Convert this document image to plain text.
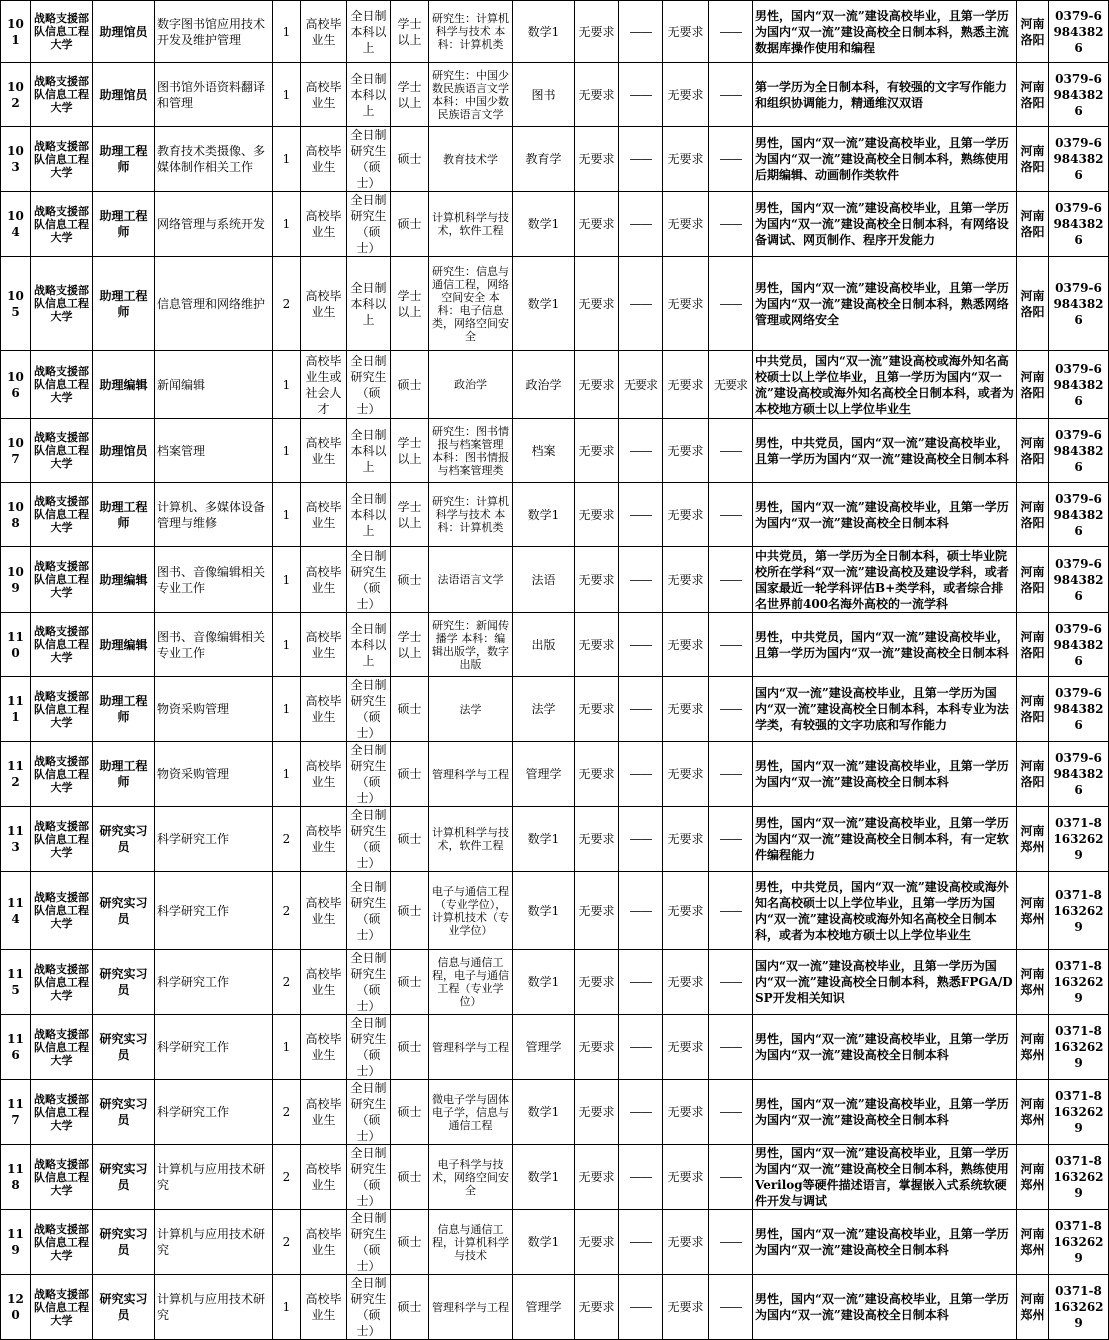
101	战略支援部队信息工程大学	助理馆员	数字图书馆应用技术开发及维护管理	1	高校毕业生	全日制本科以上	学士以上	研究生：计算机科学与技术 本科：计算机类	数学1	无要求	——	无要求	——	男性，国内“双一流”建设高校毕业，且第一学历为国内“双一流”建设高校全日制本科，熟悉主流数据库操作使用和编程	河南洛阳	0379-69843826
102	战略支援部队信息工程大学	助理馆员	图书馆外语资料翻译和管理	1	高校毕业生	全日制本科以上	学士以上	研究生：中国少数民族语言文学 本科：中国少数民族语言文学	图书	无要求	——	无要求	——	第一学历为全日制本科，有较强的文字写作能力和组织协调能力，精通维汉双语	河南洛阳	0379-69843826
103	战略支援部队信息工程大学	助理工程师	教育技术类摄像、多媒体制作相关工作	1	高校毕业生	全日制研究生（硕士）	硕士	教育技术学	教育学	无要求	——	无要求	——	男性，国内“双一流”建设高校毕业，且第一学历为国内“双一流”建设高校全日制本科，熟练使用后期编辑、动画制作类软件	河南洛阳	0379-69843826
104	战略支援部队信息工程大学	助理工程师	网络管理与系统开发	1	高校毕业生	全日制研究生（硕士）	硕士	计算机科学与技术，软件工程	数学1	无要求	——	无要求	——	男性，国内“双一流”建设高校毕业，且第一学历为国内“双一流”建设高校全日制本科，有网络设备调试、网页制作、程序开发能力	河南洛阳	0379-69843826
105	战略支援部队信息工程大学	助理工程师	信息管理和网络维护	2	高校毕业生	全日制本科以上	学士以上	研究生：信息与通信工程，网络空间安全 本科：电子信息类，网络空间安全	数学1	无要求	——	无要求	——	男性，国内“双一流”建设高校毕业，且第一学历为国内“双一流”建设高校全日制本科，熟悉网络管理或网络安全	河南洛阳	0379-69843826
106	战略支援部队信息工程大学	助理编辑	新闻编辑	1	高校毕业生或社会人才	全日制研究生（硕士）	硕士	政治学	政治学	无要求	无要求	无要求	无要求	中共党员，国内“双一流”建设高校或海外知名高校硕士以上学位毕业，且第一学历为国内“双一流”建设高校或海外知名高校全日制本科，或者为本校地方硕士以上学位毕业生	河南洛阳	0379-69843826
107	战略支援部队信息工程大学	助理馆员	档案管理	1	高校毕业生	全日制本科以上	学士以上	研究生：图书情报与档案管理 本科：图书情报与档案管理类	档案	无要求	——	无要求	——	男性，中共党员，国内“双一流”建设高校毕业，且第一学历为国内“双一流”建设高校全日制本科	河南洛阳	0379-69843826
108	战略支援部队信息工程大学	助理工程师	计算机、多媒体设备管理与维修	1	高校毕业生	全日制本科以上	学士以上	研究生：计算机科学与技术 本科：计算机类	数学1	无要求	——	无要求	——	男性，国内“双一流”建设高校毕业，且第一学历为国内“双一流”建设高校全日制本科	河南洛阳	0379-69843826
109	战略支援部队信息工程大学	助理编辑	图书、音像编辑相关专业工作	1	高校毕业生	全日制研究生（硕士）	硕士	法语语言文学	法语	无要求	——	无要求	——	中共党员，第一学历为全日制本科，硕士毕业院校所在学科“双一流”建设高校及建设学科，或者国家最近一轮学科评估B+类学科，或者综合排名世界前400名海外高校的一流学科	河南洛阳	0379-69843826
110	战略支援部队信息工程大学	助理编辑	图书、音像编辑相关专业工作	1	高校毕业生	全日制本科以上	学士以上	研究生：新闻传播学 本科：编辑出版学，数字出版	出版	无要求	——	无要求	——	男性，中共党员，国内“双一流”建设高校毕业，且第一学历为国内“双一流”建设高校全日制本科	河南洛阳	0379-69843826
111	战略支援部队信息工程大学	助理工程师	物资采购管理	1	高校毕业生	全日制研究生（硕士）	硕士	法学	法学	无要求	——	无要求	——	国内“双一流”建设高校毕业，且第一学历为国内“双一流”建设高校全日制本科，本科专业为法学类，有较强的文字功底和写作能力	河南洛阳	0379-69843826
112	战略支援部队信息工程大学	助理工程师	物资采购管理	1	高校毕业生	全日制研究生（硕士）	硕士	管理科学与工程	管理学	无要求	——	无要求	——	男性，国内“双一流”建设高校毕业，且第一学历为国内“双一流”建设高校全日制本科	河南洛阳	0379-69843826
113	战略支援部队信息工程大学	研究实习员	科学研究工作	2	高校毕业生	全日制研究生（硕士）	硕士	计算机科学与技术，软件工程	数学1	无要求	——	无要求	——	男性，国内“双一流”建设高校毕业，且第一学历为国内“双一流”建设高校全日制本科，有一定软件编程能力	河南郑州	0371-81632629
114	战略支援部队信息工程大学	研究实习员	科学研究工作	2	高校毕业生	全日制研究生（硕士）	硕士	电子与通信工程（专业学位），计算机技术（专业学位）	数学1	无要求	——	无要求	——	男性，中共党员，国内“双一流”建设高校或海外知名高校硕士以上学位毕业，且第一学历为国内“双一流”建设高校或海外知名高校全日制本科，或者为本校地方硕士以上学位毕业生	河南郑州	0371-81632629
115	战略支援部队信息工程大学	研究实习员	科学研究工作	2	高校毕业生	全日制研究生（硕士）	硕士	信息与通信工程，电子与通信工程（专业学位）	数学1	无要求	——	无要求	——	国内“双一流”建设高校毕业，且第一学历为国内“双一流”建设高校全日制本科，熟悉FPGA/DSP开发相关知识	河南郑州	0371-81632629
116	战略支援部队信息工程大学	研究实习员	科学研究工作	1	高校毕业生	全日制研究生（硕士）	硕士	管理科学与工程	管理学	无要求	——	无要求	——	男性，国内“双一流”建设高校毕业，且第一学历为国内“双一流”建设高校全日制本科	河南郑州	0371-81632629
117	战略支援部队信息工程大学	研究实习员	科学研究工作	2	高校毕业生	全日制研究生（硕士）	硕士	微电子学与固体电子学，信息与通信工程	数学1	无要求	——	无要求	——	男性，国内“双一流”建设高校毕业，且第一学历为国内“双一流”建设高校全日制本科	河南郑州	0371-81632629
118	战略支援部队信息工程大学	研究实习员	计算机与应用技术研究	2	高校毕业生	全日制研究生（硕士）	硕士	电子科学与技术，网络空间安全	数学1	无要求	——	无要求	——	男性，国内“双一流”建设高校毕业，且第一学历为国内“双一流”建设高校全日制本科，熟练使用Verilog等硬件描述语言，掌握嵌入式系统软硬件开发与调试	河南郑州	0371-81632629
119	战略支援部队信息工程大学	研究实习员	计算机与应用技术研究	2	高校毕业生	全日制研究生（硕士）	硕士	信息与通信工程，计算机科学与技术	数学1	无要求	——	无要求	——	男性，国内“双一流”建设高校毕业，且第一学历为国内“双一流”建设高校全日制本科	河南郑州	0371-81632629
120	战略支援部队信息工程大学	研究实习员	计算机与应用技术研究	1	高校毕业生	全日制研究生（硕士）	硕士	管理科学与工程	管理学	无要求	——	无要求	——	男性，国内“双一流”建设高校毕业，且第一学历为国内“双一流”建设高校全日制本科	河南郑州	0371-81632629
